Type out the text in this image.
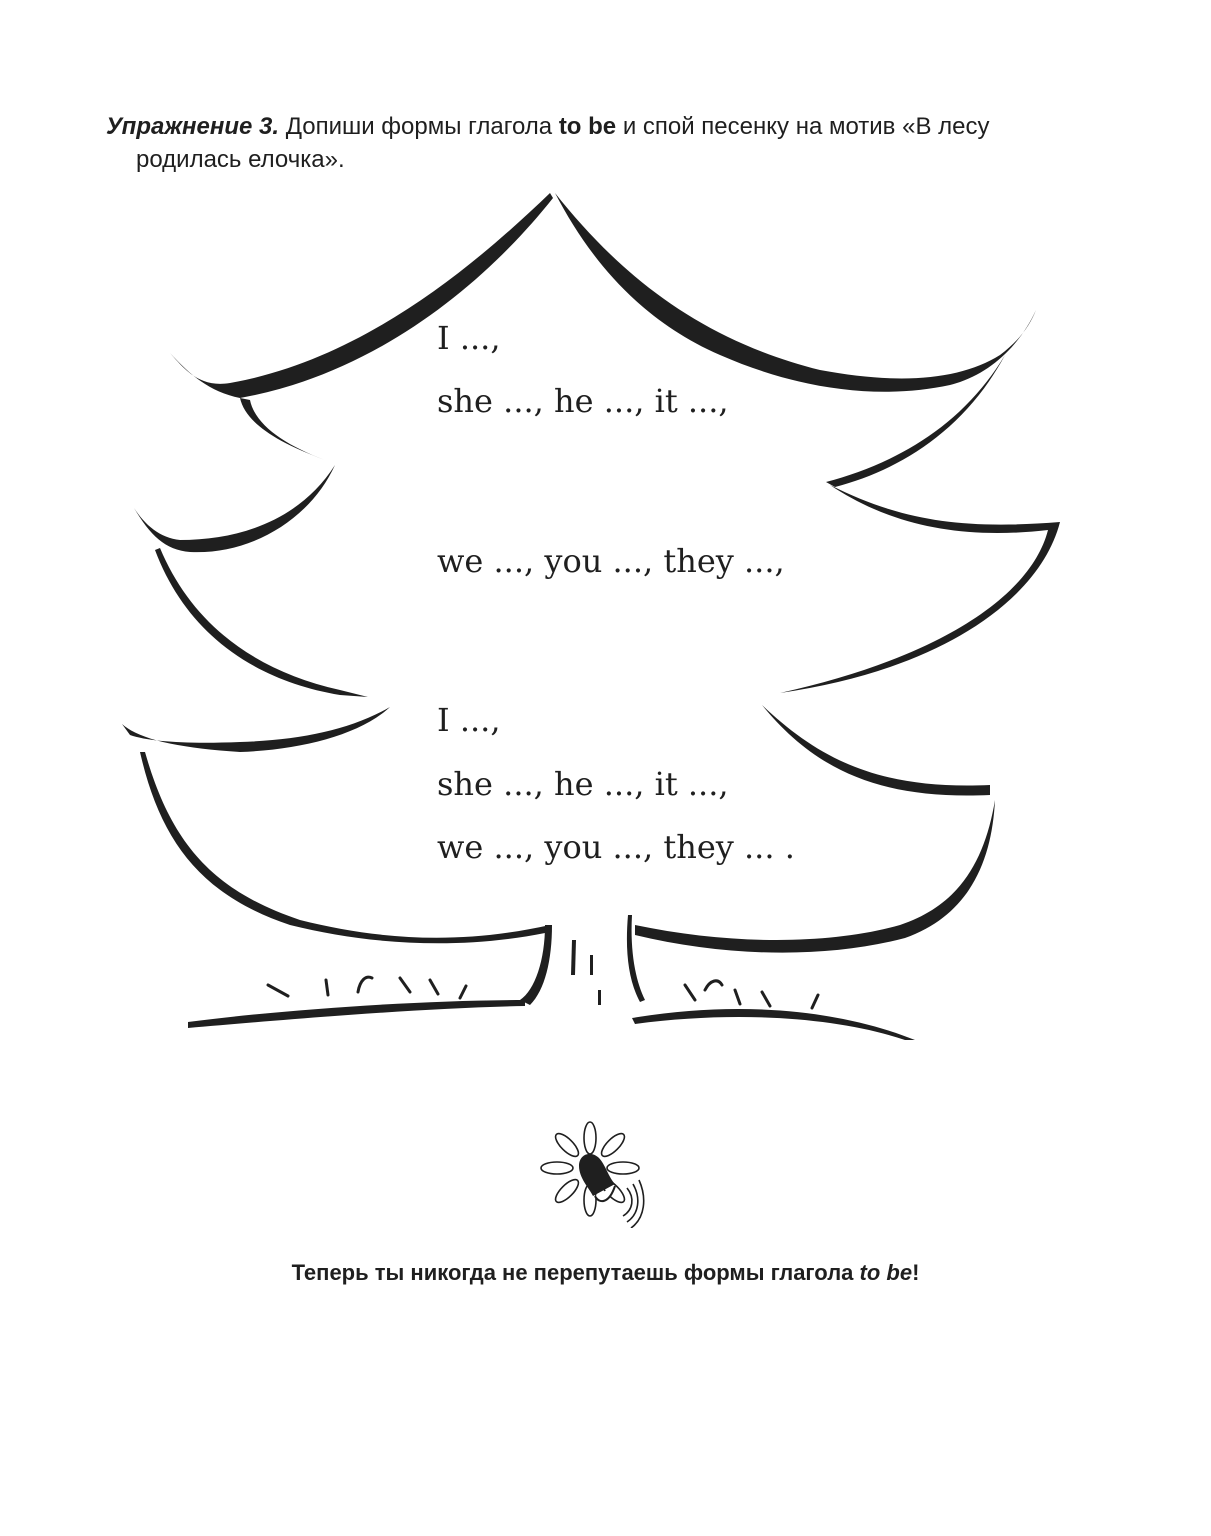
Упражнение 3. Допиши формы глагола to be и спой песенку на мотив «В лесу
родилась елочка».
I ...,
she ..., he ..., it ...,
we ..., you ..., they ...,
I ...,
she ..., he ..., it ...,
we ..., you ..., they ... .
Теперь ты никогда не перепутаешь формы глагола to be!
